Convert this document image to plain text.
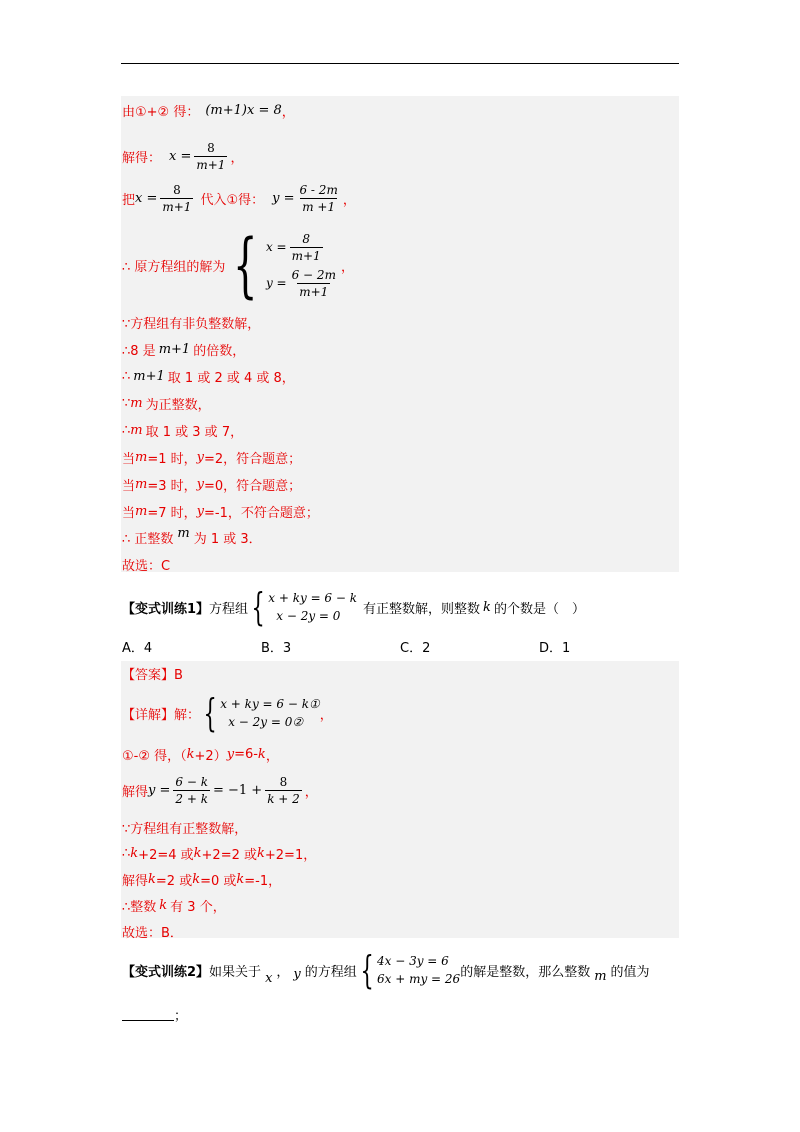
由①+② 得： (m+1)x = 8 ，
解得： $x = \frac{8}{m+1}$ ，
把 $x = \frac{8}{m+1}$ 代入①得： $y = \frac{6 - 2m}{m +1}$ ，
∴ 原方程组的解为 { $x = \frac{8}{m+1}$
$y = \frac{6 - 2m}{m+1}$
，
∵方程组有非负整数解，
∴8 是 m+1 的倍数，
∴ m+1 取 1 或 2 或 4 或 8，
∵ m 为正整数，
∴ m 取 1 或 3 或 7，
当 m =1 时， y =2，符合题意；
当 m =3 时， y =0，符合题意；
当 m =7 时， y =-1，不符合题意；
∴ 正整数 m 为 1 或 3．
故选：C
【变式训练1】 方程组 { x + ky = 6 − k
x − 2y = 0	有正整数解，则整数 k 的个数是（　）
A．4	B．3	C．2	D．1
【答案】B
【详解】 解： { x + ky = 6 − k①
x − 2y = 0②	，
①-② 得，（ k +2） y =6- k ，
解得 $y = \frac{6 - k}{2 + k} = -1 + \frac{8}{k + 2}$ ，
∵方程组有正整数解，
∴ k +2=4 或 k +2=2 或 k +2=1，
解得 k =2 或 k =0 或 k =-1，
∴整数 k 有 3 个，
故选：B．
【变式训练2】 如果关于 x ， y 的方程组 { 4x − 3y = 6
6x + my = 26 的解是整数，那么整数 m 的值为
；
